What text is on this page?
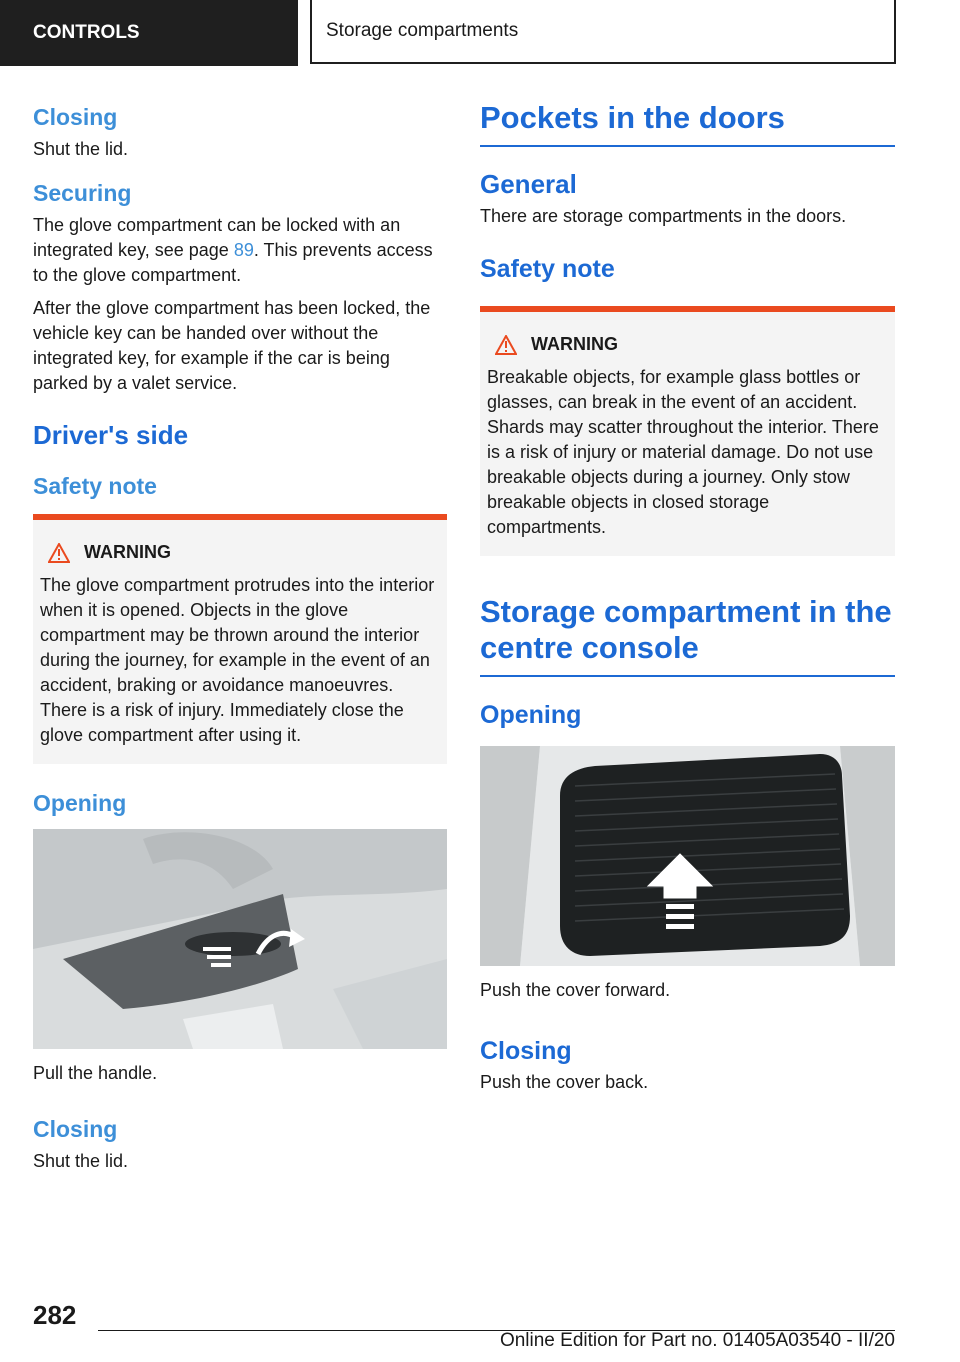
CONTROLS	Storage compartments
Closing

Shut the lid.

Securing

The glove compartment can be locked with an integrated key, see page 89. This prevents access to the glove compartment.

After the glove compartment has been locked, the vehicle key can be handed over without the integrated key, for example if the car is being parked by a valet service.

Driver's side
Safety note
WARNING
The glove compartment protrudes into the interior when it is opened. Objects in the glove compartment may be thrown around the interior during the journey, for example in the event of an accident, braking or avoidance manoeuvres. There is a risk of injury. Immediately close the glove compartment after using it.
Opening

Pull the handle.

Closing

Shut the lid.

Pockets in the doors
General

There are storage compartments in the doors.

Safety note
WARNING
Breakable objects, for example glass bottles or glasses, can break in the event of an accident. Shards may scatter throughout the interior. There is a risk of injury or material damage. Do not use breakable objects during a journey. Only stow breakable objects in closed storage compartments.
Storage compartment in the centre console
Opening

Push the cover forward.

Closing

Push the cover back.

282
Online Edition for Part no. 01405A03540 - II/20
